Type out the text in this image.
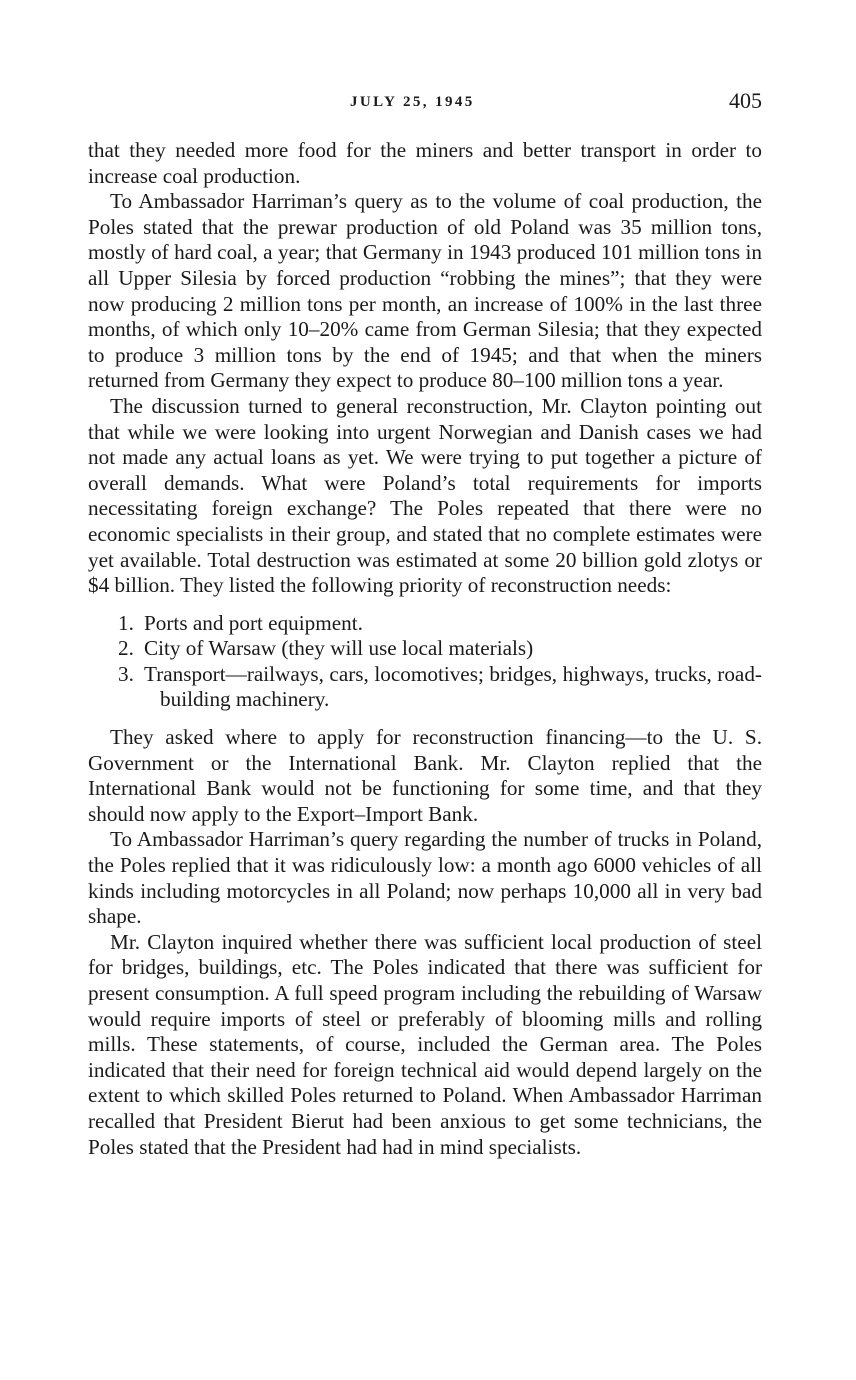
JULY 25, 1945	405

that they needed more food for the miners and better transport in order to increase coal production.

To Ambassador Harriman’s query as to the volume of coal production, the Poles stated that the prewar production of old Poland was 35 million tons, mostly of hard coal, a year; that Germany in 1943 produced 101 million tons in all Upper Silesia by forced production “robbing the mines”; that they were now producing 2 million tons per month, an increase of 100% in the last three months, of which only 10–20% came from German Silesia; that they expected to produce 3 million tons by the end of 1945; and that when the miners returned from Germany they expect to produce 80–100 million tons a year.

The discussion turned to general reconstruction, Mr. Clayton pointing out that while we were looking into urgent Norwegian and Danish cases we had not made any actual loans as yet. We were trying to put together a picture of overall demands. What were Poland’s total requirements for imports necessitating foreign exchange? The Poles repeated that there were no economic specialists in their group, and stated that no complete estimates were yet available. Total destruction was estimated at some 20 billion gold zlotys or $4 billion. They listed the following priority of reconstruction needs:

1. Ports and port equipment.
2. City of Warsaw (they will use local materials)
3. Transport—railways, cars, locomotives; bridges, highways, trucks, road-building machinery.

They asked where to apply for reconstruction financing—to the U. S. Government or the International Bank. Mr. Clayton replied that the International Bank would not be functioning for some time, and that they should now apply to the Export–Import Bank.

To Ambassador Harriman’s query regarding the number of trucks in Poland, the Poles replied that it was ridiculously low: a month ago 6000 vehicles of all kinds including motorcycles in all Poland; now perhaps 10,000 all in very bad shape.

Mr. Clayton inquired whether there was sufficient local production of steel for bridges, buildings, etc. The Poles indicated that there was sufficient for present consumption. A full speed program including the rebuilding of Warsaw would require imports of steel or preferably of blooming mills and rolling mills. These statements, of course, included the German area. The Poles indicated that their need for foreign technical aid would depend largely on the extent to which skilled Poles returned to Poland. When Ambassador Harriman recalled that President Bierut had been anxious to get some technicians, the Poles stated that the President had had in mind specialists.
